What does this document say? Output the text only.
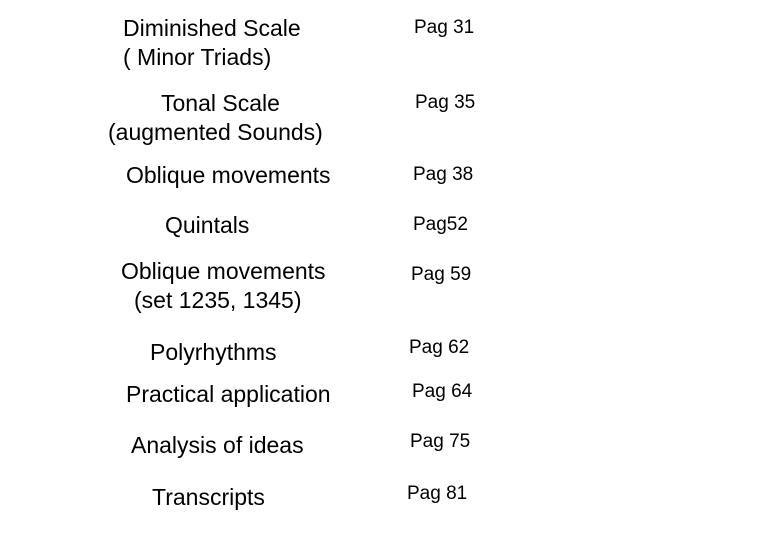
Diminished Scale
( Minor Triads)
Pag 31
Tonal Scale
(augmented Sounds)
Pag 35
Oblique movements	Pag 38
Quintals	Pag52
Oblique movements
(set 1235, 1345)
Pag 59
Polyrhythms	Pag 62
Practical application	Pag 64
Analysis of ideas	Pag 75
Transcripts	Pag 81
